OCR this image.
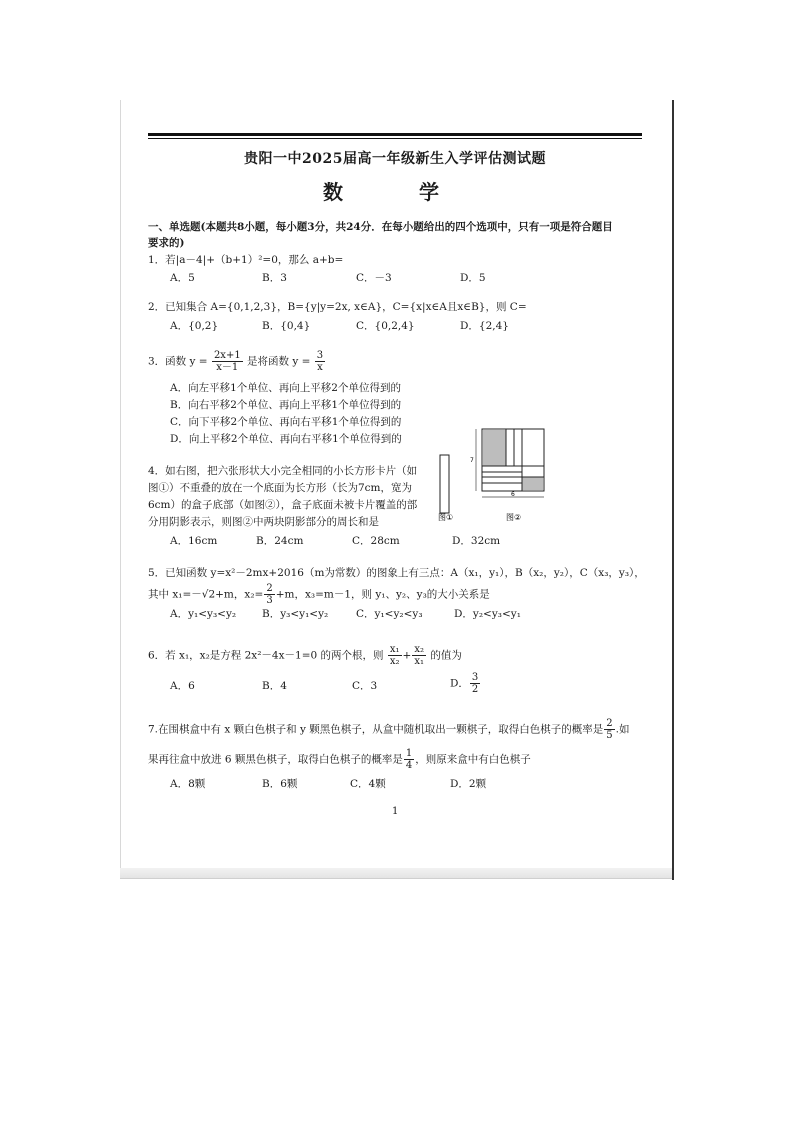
贵阳一中2025届高一年级新生入学评估测试题
数　学
一、单选题(本题共8小题，每小题3分，共24分．在每小题给出的四个选项中，只有一项是符合题目
要求的)
1．若|a－4|+（b+1）²=0，那么 a+b=
A．5	B．3	C．－3	D．5
2．已知集合 A={0,1,2,3}，B={y|y=2x, x∈A}，C={x|x∈A且x∈B}，则 C=
A．{0,2}	B．{0,4}	C．{0,2,4}	D．{2,4}
3．函数 $y = \frac{2x+1}{x-1}$ 是将函数 $y = \frac{3}{x}$
A．向左平移1个单位、再向上平移2个单位得到的
B．向右平移2个单位、再向上平移1个单位得到的
C．向下平移2个单位、再向右平移1个单位得到的
D．向上平移2个单位、再向右平移1个单位得到的
4．如右图，把六张形状大小完全相同的小长方形卡片（如
图①）不重叠的放在一个底面为长方形（长为7cm，宽为
6cm）的盒子底部（如图②），盒子底面未被卡片覆盖的部
分用阴影表示，则图②中两块阴影部分的周长和是
A．16cm	B．24cm	C．28cm	D．32cm
图①
7
6
图②
5．已知函数 y=x²－2mx+2016（m为常数）的图象上有三点：A（x₁，y₁），B（x₂，y₂），C（x₃，y₃），
其中 x₁=－√2+m，$x_2= \frac{2}{3} +m$，x₃=m－1，则 y₁、y₂、y₃的大小关系是
A．y₁<y₃<y₂ B．y₃<y₁<y₂	C．y₁<y₂<y₃	D．y₂<y₃<y₁
6．若 x₁，x₂是方程 2x²－4x－1=0 的两个根，则 $\frac{\text{x₁}}{\text{x₂}} + \frac{\text{x₂}}{\text{x₁}}$ 的值为
A．6	B．4	C．3	D． $\frac{3}{2}$
7.在围棋盒中有 x 颗白色棋子和 y 颗黑色棋子，从盒中随机取出一颗棋子，取得白色棋子的概率是 $\frac{2}{5}$ .如
果再往盒中放进 6 颗黑色棋子，取得白色棋子的概率是 $\frac{1}{4}$ ，则原来盒中有白色棋子
A．8颗	B．6颗	C．4颗	D．2颗
1
